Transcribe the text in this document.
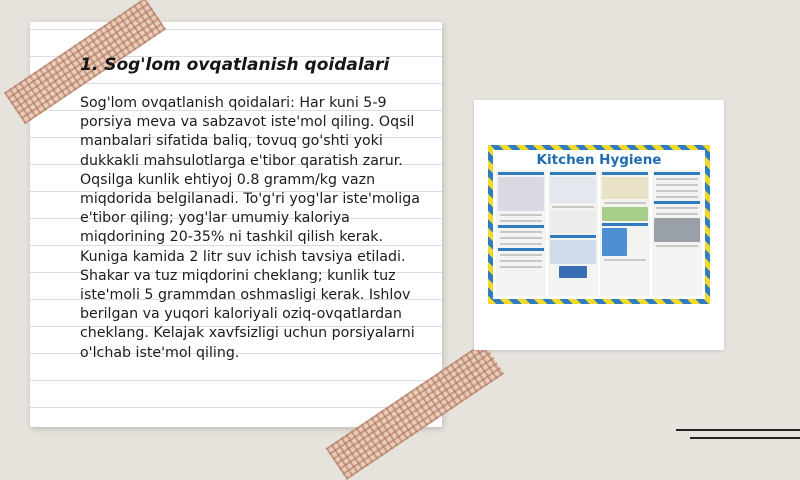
1. Sog'lom ovqatlanish qoidalari

Sog'lom ovqatlanish qoidalari: Har kuni 5-9 porsiya meva va sabzavot iste'mol qiling. Oqsil manbalari sifatida baliq, tovuq go'shti yoki dukkakli mahsulotlarga e'tibor qaratish zarur. Oqsilga kunlik ehtiyoj 0.8 gramm/kg vazn miqdorida belgilanadi. To'g'ri yog'lar iste'moliga e'tibor qiling; yog'lar umumiy kaloriya miqdorining 20-35% ni tashkil qilish kerak. Kuniga kamida 2 litr suv ichish tavsiya etiladi. Shakar va tuz miqdorini cheklang; kunlik tuz iste'moli 5 grammdan oshmasligi kerak. Ishlov berilgan va yuqori kaloriyali oziq-ovqatlardan cheklang. Kelajak xavfsizligi uchun porsiyalarni o'lchab iste'mol qiling.

Kitchen Hygiene
